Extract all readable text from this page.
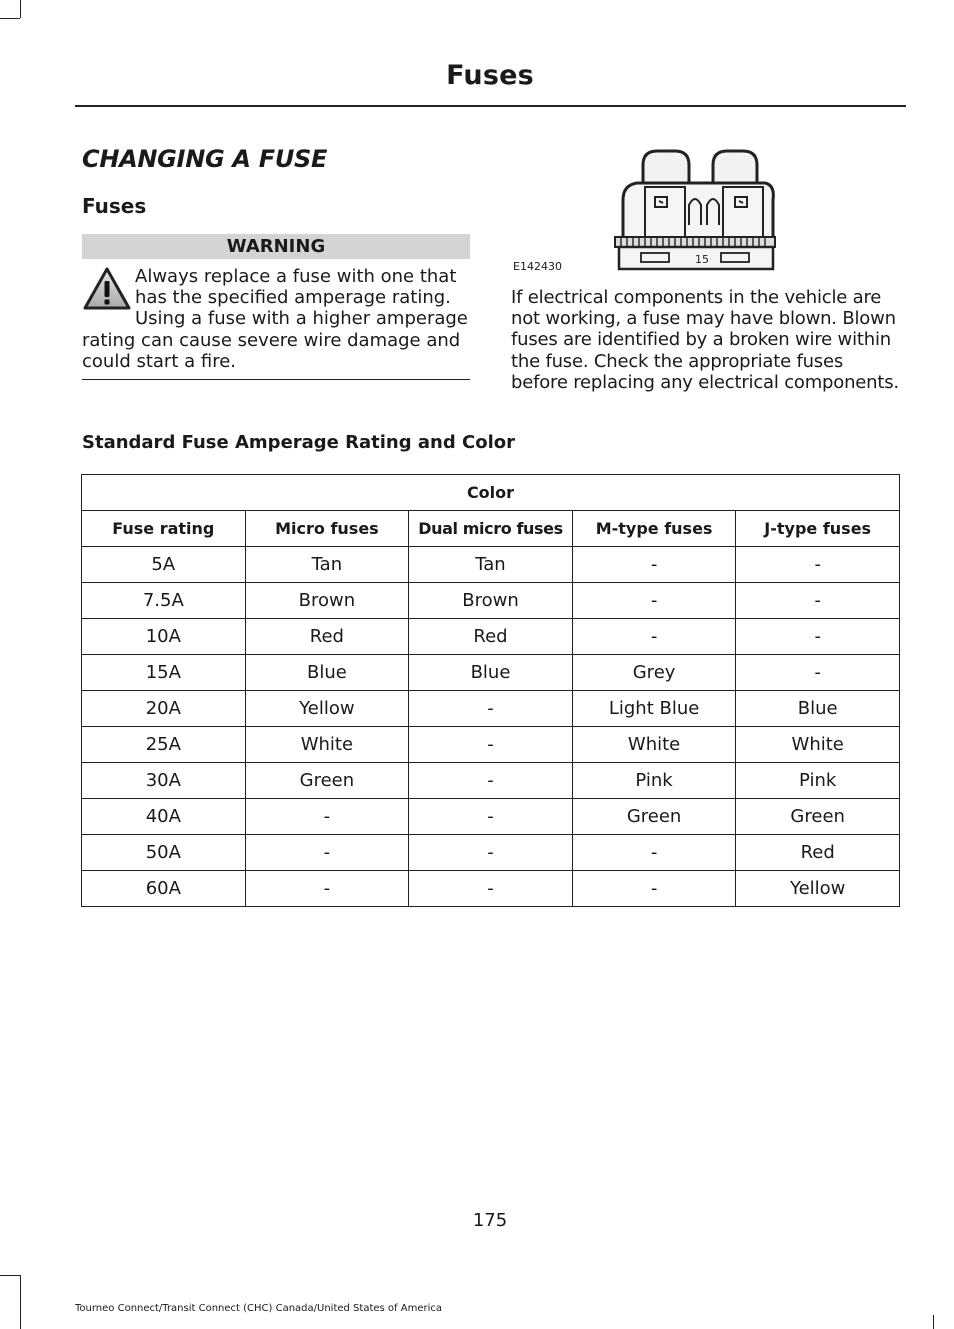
Fuses
CHANGING A FUSE
Fuses
WARNING
Always replace a fuse with one that has the specified amperage rating. Using a fuse with a higher amperage rating can cause severe wire damage and could start a fire.
15
E142430
If electrical components in the vehicle are not working, a fuse may have blown. Blown fuses are identified by a broken wire within the fuse. Check the appropriate fuses before replacing any electrical components.
Standard Fuse Amperage Rating and Color
Color				
Fuse rating	Micro fuses	Dual micro fuses	M-type fuses	J-type fuses
5A	Tan	Tan	-	-
7.5A	Brown	Brown	-	-
10A	Red	Red	-	-
15A	Blue	Blue	Grey	-
20A	Yellow	-	Light Blue	Blue
25A	White	-	White	White
30A	Green	-	Pink	Pink
40A	-	-	Green	Green
50A	-	-	-	Red
60A	-	-	-	Yellow
175
Tourneo Connect/Transit Connect (CHC) Canada/United States of America
